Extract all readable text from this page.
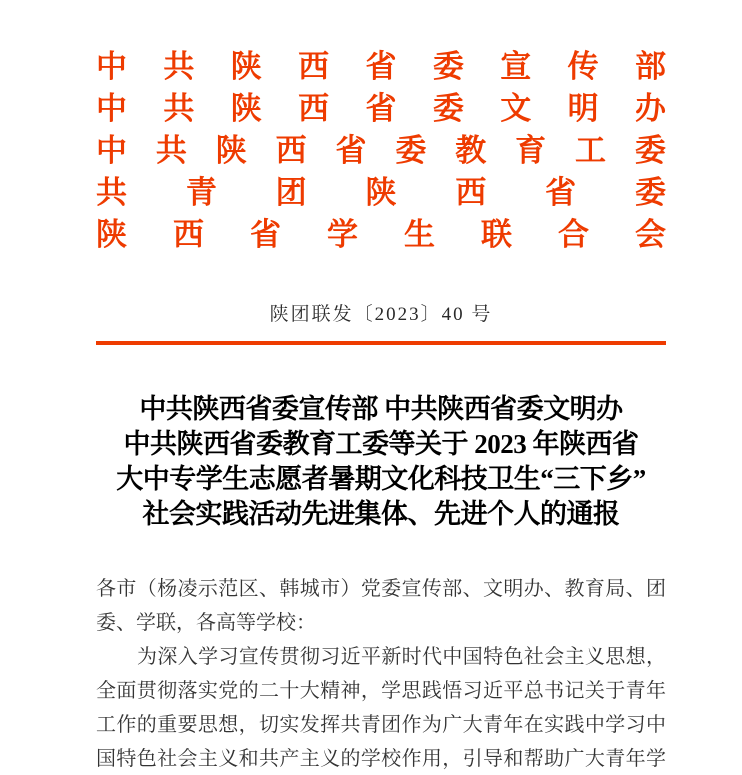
中 共 陕 西 省 委 宣 传 部
中 共 陕 西 省 委 文 明 办
中 共 陕 西 省 委 教 育 工 委
共 青 团 陕 西 省 委
陕 西 省 学 生 联 合 会
陕团联发〔2023〕40 号
中共陕西省委宣传部 中共陕西省委文明办
中共陕西省委教育工委等关于 2023 年陕西省
大中专学生志愿者暑期文化科技卫生“三下乡”
社会实践活动先进集体、先进个人的通报
各市（杨凌示范区、韩城市）党委宣传部、文明办、教育局、团
委、学联，各高等学校：
为深入学习宣传贯彻习近平新时代中国特色社会主义思想，
全面贯彻落实党的二十大精神，学思践悟习近平总书记关于青年
工作的重要思想，切实发挥共青团作为广大青年在实践中学习中
国特色社会主义和共产主义的学校作用，引导和帮助广大青年学
